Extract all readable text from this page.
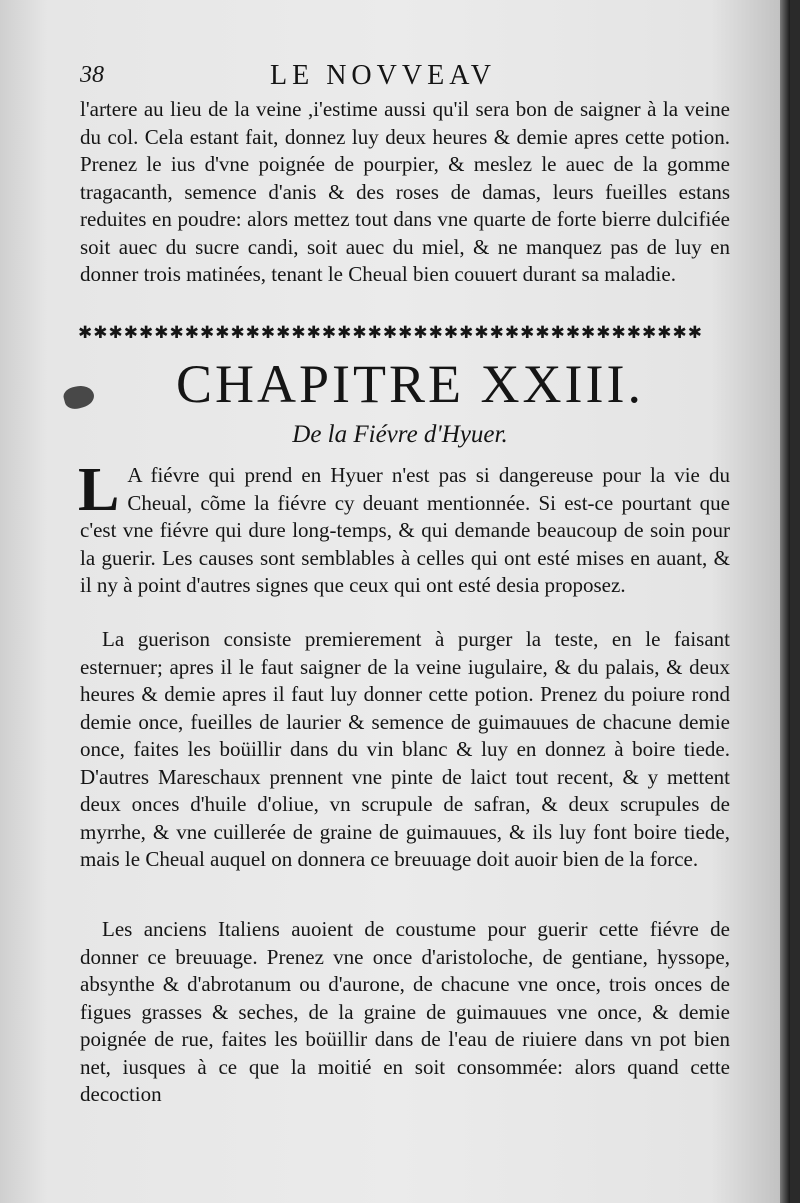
38	LE NOVVEAV

l'artere au lieu de la veine ,i'estime aussi qu'il sera bon de saigner à la veine du col. Cela estant fait, donnez luy deux heures & demie apres cette potion. Prenez le ius d'vne poignée de pourpier, & meslez le auec de la gomme tragacanth, semence d'anis & des roses de damas, leurs fueilles estans reduites en poudre: alors mettez tout dans vne quarte de forte bierre dulcifiée soit auec du sucre candi, soit auec du miel, & ne manquez pas de luy en donner trois matinées, tenant le Cheual bien couuert durant sa maladie.

✱✱✱✱✱✱✱✱✱✱✱✱✱✱✱✱✱✱✱✱✱✱✱✱✱✱✱✱✱✱✱✱✱✱✱✱✱✱✱✱✱
CHAPITRE XXIII.
De la Fiévre d'Hyuer.

L A fiévre qui prend en Hyuer n'est pas si dangereuse pour la vie du Cheual, cõme la fiévre cy deuant mentionnée. Si est-ce pourtant que c'est vne fiévre qui dure long-temps, & qui demande beaucoup de soin pour la guerir. Les causes sont semblables à celles qui ont esté mises en auant, & il ny à point d'autres signes que ceux qui ont esté desia proposez.

La guerison consiste premierement à purger la teste, en le faisant esternuer; apres il le faut saigner de la veine iugulaire, & du palais, & deux heures & demie apres il faut luy donner cette potion. Prenez du poiure rond demie once, fueilles de laurier & semence de guimauues de chacune demie once, faites les boüillir dans du vin blanc & luy en donnez à boire tiede. D'autres Mareschaux prennent vne pinte de laict tout recent, & y mettent deux onces d'huile d'oliue, vn scrupule de safran, & deux scrupules de myrrhe, & vne cuillerée de graine de guimauues, & ils luy font boire tiede, mais le Cheual auquel on donnera ce breuuage doit auoir bien de la force.

Les anciens Italiens auoient de coustume pour guerir cette fiévre de donner ce breuuage. Prenez vne once d'aristoloche, de gentiane, hyssope, absynthe & d'abrotanum ou d'aurone, de chacune vne once, trois onces de figues grasses & seches, de la graine de guimauues vne once, & demie poignée de rue, faites les boüillir dans de l'eau de riuiere dans vn pot bien net, iusques à ce que la moitié en soit consommée: alors quand cette decoction
